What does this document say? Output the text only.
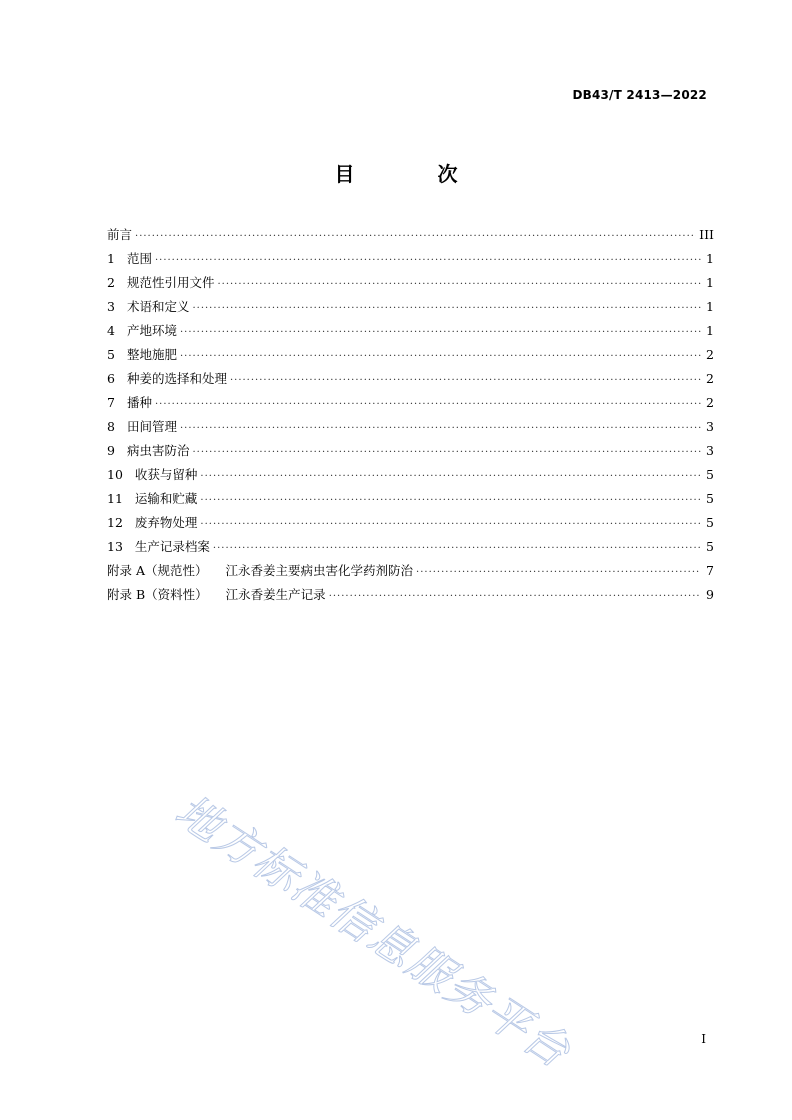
DB43/T 2413—2022
目 次
前言 ·····	III
1 范围 ·····	1
2 规范性引用文件 ·····	1
3 术语和定义 ·····	1
4 产地环境 ·····	1
5 整地施肥 ·····	2
6 种姜的选择和处理 ·····	2
7 播种 ·····	2
8 田间管理 ·····	3
9 病虫害防治 ·····	3
10 收获与留种 ·····	5
11 运输和贮藏 ·····	5
12 废弃物处理 ·····	5
13 生产记录档案 ·····	5
附录 A（规范性） 江永香姜主要病虫害化学药剂防治 ·····	7
附录 B（资料性） 江永香姜生产记录 ·····	9
I
地方标准信息服务平台
